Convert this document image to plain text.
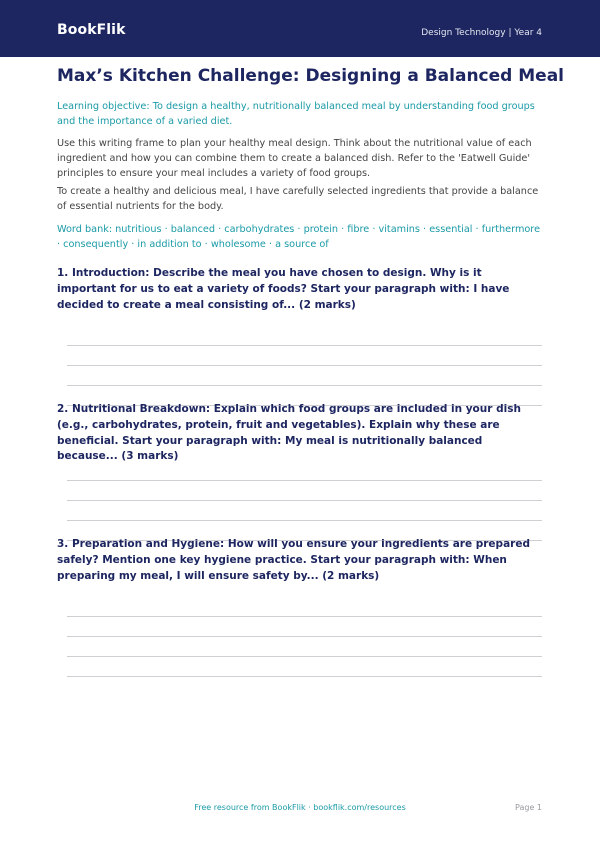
BookFlik	Design Technology | Year 4
Max’s Kitchen Challenge: Designing a Balanced Meal

Learning objective: To design a healthy, nutritionally balanced meal by understanding food groups and the importance of a varied diet.

Use this writing frame to plan your healthy meal design. Think about the nutritional value of each ingredient and how you can combine them to create a balanced dish. Refer to the 'Eatwell Guide' principles to ensure your meal includes a variety of food groups.

To create a healthy and delicious meal, I have carefully selected ingredients that provide a balance of essential nutrients for the body.

Word bank: nutritious · balanced · carbohydrates · protein · fibre · vitamins · essential · furthermore · consequently · in addition to · wholesome · a source of

1. Introduction: Describe the meal you have chosen to design. Why is it important for us to eat a variety of foods? Start your paragraph with: I have decided to create a meal consisting of... (2 marks)

2. Nutritional Breakdown: Explain which food groups are included in your dish (e.g., carbohydrates, protein, fruit and vegetables). Explain why these are beneficial. Start your paragraph with: My meal is nutritionally balanced because... (3 marks)

3. Preparation and Hygiene: How will you ensure your ingredients are prepared safely? Mention one key hygiene practice. Start your paragraph with: When preparing my meal, I will ensure safety by... (2 marks)

Free resource from BookFlik · bookflik.com/resources	Page 1
